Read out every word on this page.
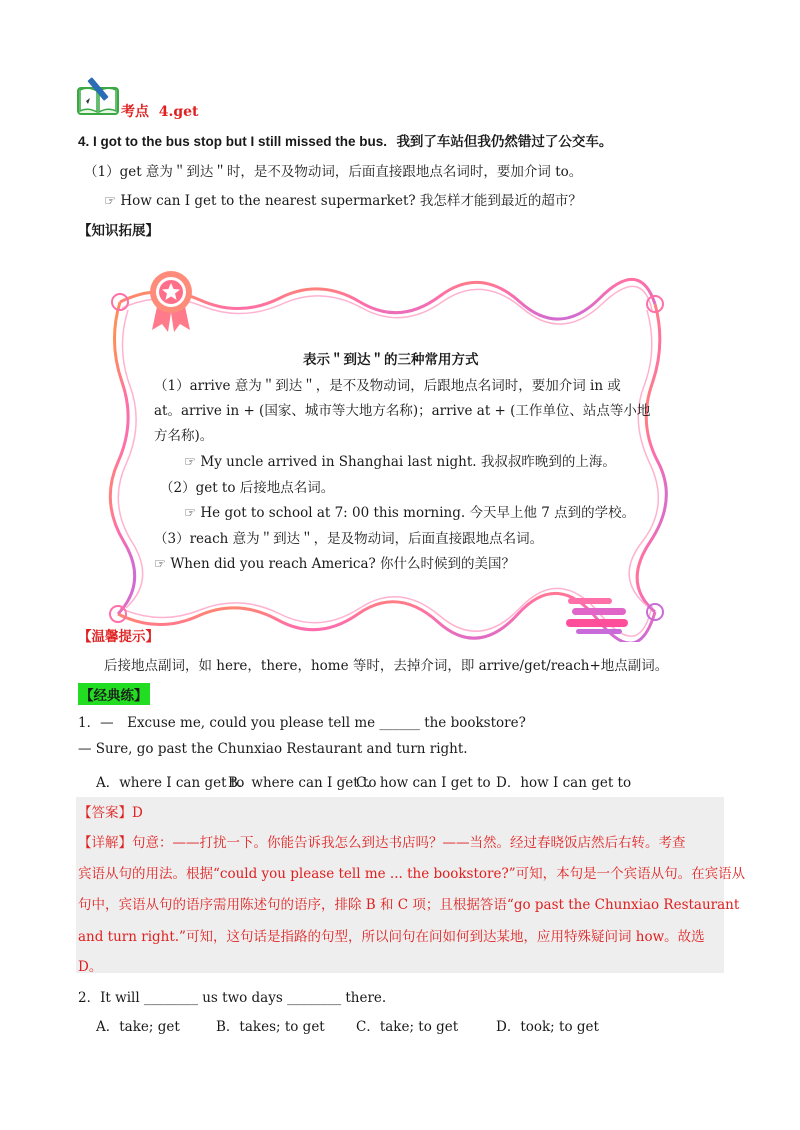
考点 4.get
4. I got to the bus stop but I still missed the bus. 我到了车站但我仍然错过了公交车。
（1）get 意为＂到达＂时，是不及物动词，后面直接跟地点名词时，要加介词 to。
☞ How can I get to the nearest supermarket? 我怎样才能到最近的超市？
【知识拓展】
表示＂到达＂的三种常用方式
（1）arrive 意为＂到达＂，是不及物动词，后跟地点名词时，要加介词 in 或
at。arrive in + (国家、城市等大地方名称)；arrive at + (工作单位、站点等小地
方名称)。
☞ My uncle arrived in Shanghai last night. 我叔叔昨晚到的上海。
（2）get to 后接地点名词。
☞ He got to school at 7: 00 this morning. 今天早上他 7 点到的学校。
（3）reach 意为＂到达＂，是及物动词，后面直接跟地点名词。
☞ When did you reach America? 你什么时候到的美国？
【温馨提示】
后接地点副词，如 here，there，home 等时，去掉介词，即 arrive/get/reach+地点副词。
【经典练】
1．—　Excuse me, could you please tell me ______ the bookstore?
— Sure, go past the Chunxiao Restaurant and turn right.
A．where I can get to
B．where can I get to
C．how can I get to D．how I can get to
【答案】D
【详解】句意：——打扰一下。你能告诉我怎么到达书店吗？——当然。经过春晓饭店然后右转。考查
宾语从句的用法。根据“could you please tell me ... the bookstore?”可知，本句是一个宾语从句。在宾语从
句中，宾语从句的语序需用陈述句的语序，排除 B 和 C 项；且根据答语“go past the Chunxiao Restaurant
and turn right.”可知，这句话是指路的句型，所以问句在问如何到达某地，应用特殊疑问词 how。故选
D。
2．It will ________ us two days ________ there.
A．take; get	B．takes; to get C．take; to get	D．took; to get
